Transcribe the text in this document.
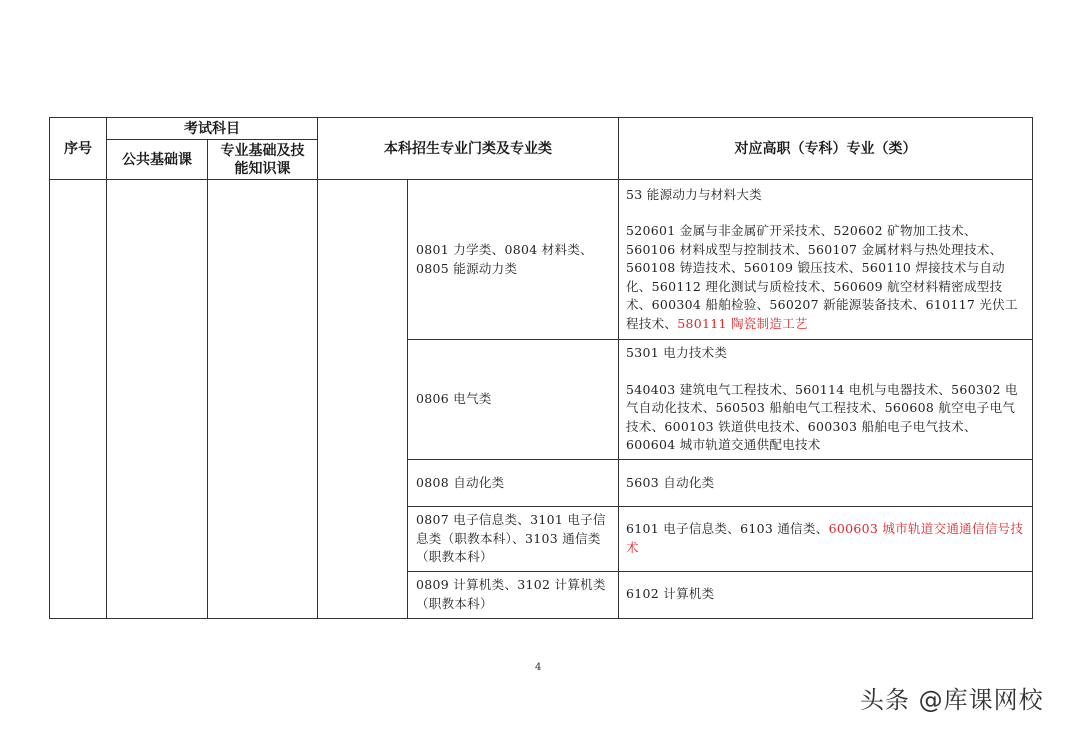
序号	考试科目		本科招生专业门类及专业类		对应高职（专科）专业（类）
	公共基础课	专业基础及技能知识课			
				0801 力学类、0804 材料类、0805 能源动力类	53 能源动力与材料大类
520601 金属与非金属矿开采技术、520602 矿物加工技术、560106 材料成型与控制技术、560107 金属材料与热处理技术、560108 铸造技术、560109 锻压技术、560110 焊接技术与自动化、560112 理化测试与质检技术、560609 航空材料精密成型技术、600304 船舶检验、560207 新能源装备技术、610117 光伏工程技术、580111 陶瓷制造工艺
				0806 电气类	5301 电力技术类
540403 建筑电气工程技术、560114 电机与电器技术、560302 电气自动化技术、560503 船舶电气工程技术、560608 航空电子电气技术、600103 铁道供电技术、600303 船舶电子电气技术、600604 城市轨道交通供配电技术
				0808 自动化类	5603 自动化类
				0807 电子信息类、3101 电子信息类（职教本科）、3103 通信类（职教本科）	6101 电子信息类、6103 通信类、600603 城市轨道交通通信信号技术
				0809 计算机类、3102 计算机类（职教本科）	6102 计算机类
4
头条 @库课网校
